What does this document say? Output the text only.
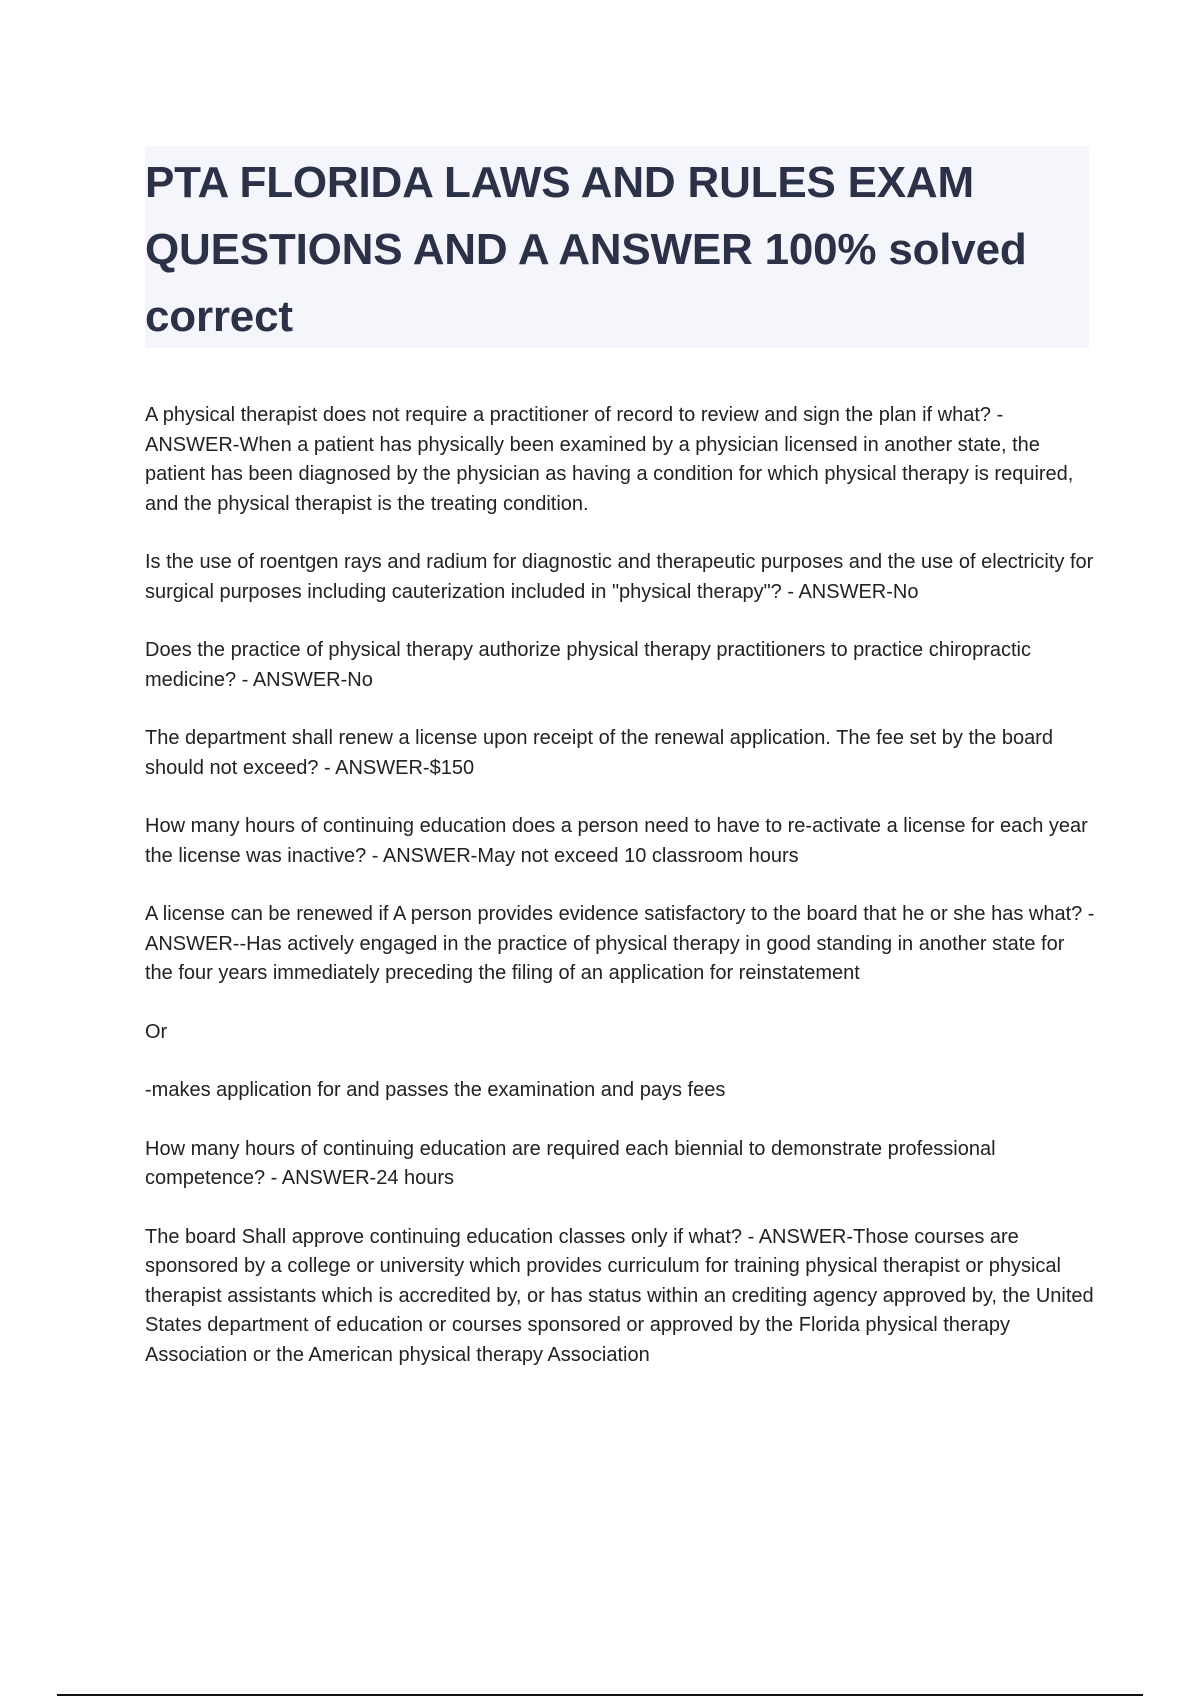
PTA FLORIDA LAWS AND RULES EXAM QUESTIONS AND A ANSWER 100% solved correct

A physical therapist does not require a practitioner of record to review and sign the plan if what? - ANSWER-When a patient has physically been examined by a physician licensed in another state, the patient has been diagnosed by the physician as having a condition for which physical therapy is required, and the physical therapist is the treating condition.

Is the use of roentgen rays and radium for diagnostic and therapeutic purposes and the use of electricity for surgical purposes including cauterization included in "physical therapy"? - ANSWER-No

Does the practice of physical therapy authorize physical therapy practitioners to practice chiropractic medicine? - ANSWER-No

The department shall renew a license upon receipt of the renewal application. The fee set by the board should not exceed? - ANSWER-$150

How many hours of continuing education does a person need to have to re-activate a license for each year the license was inactive? - ANSWER-May not exceed 10 classroom hours

A license can be renewed if A person provides evidence satisfactory to the board that he or she has what? - ANSWER--Has actively engaged in the practice of physical therapy in good standing in another state for the four years immediately preceding the filing of an application for reinstatement

Or

-makes application for and passes the examination and pays fees

How many hours of continuing education are required each biennial to demonstrate professional competence? - ANSWER-24 hours

The board Shall approve continuing education classes only if what? - ANSWER-Those courses are sponsored by a college or university which provides curriculum for training physical therapist or physical therapist assistants which is accredited by, or has status within an crediting agency approved by, the United States department of education or courses sponsored or approved by the Florida physical therapy Association or the American physical therapy Association
